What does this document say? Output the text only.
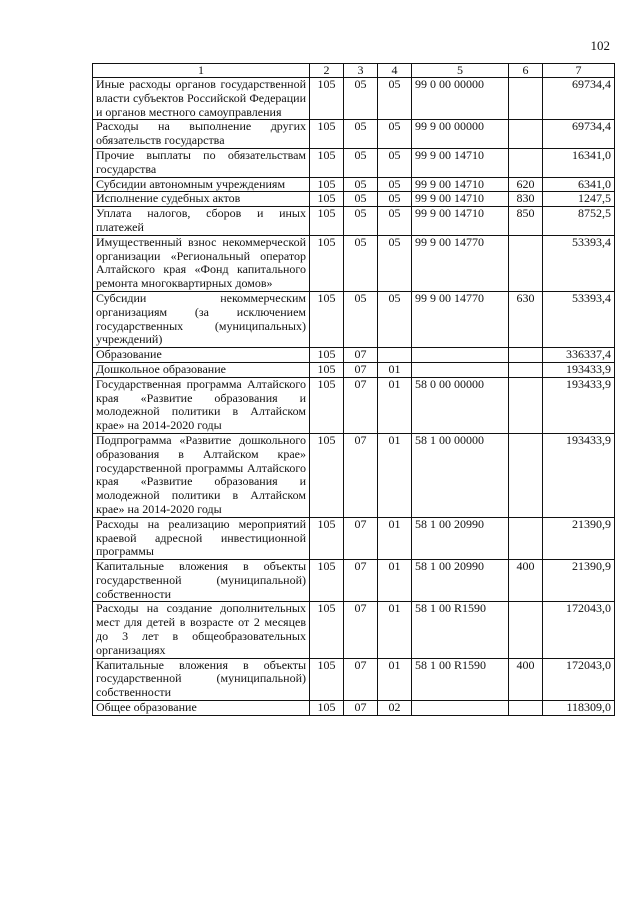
102
1	2	3	4	5	6	7
Иные расходы органов государственной власти субъектов Российской Федерации и органов местного самоуправления	105	05	05	99 0 00 00000		69734,4
Расходы на выполнение других обязательств государства	105	05	05	99 9 00 00000		69734,4
Прочие выплаты по обязательствам государства	105	05	05	99 9 00 14710		16341,0
Субсидии автономным учреждениям	105	05	05	99 9 00 14710	620	6341,0
Исполнение судебных актов	105	05	05	99 9 00 14710	830	1247,5
Уплата налогов, сборов и иных платежей	105	05	05	99 9 00 14710	850	8752,5
Имущественный взнос некоммерческой организации «Региональный оператор Алтайского края «Фонд капитального ремонта многоквартирных домов»	105	05	05	99 9 00 14770		53393,4
Субсидии некоммерческим организациям (за исключением государственных (муниципальных) учреждений)	105	05	05	99 9 00 14770	630	53393,4
Образование	105	07				336337,4
Дошкольное образование	105	07	01			193433,9
Государственная программа Алтайского края «Развитие образования и молодежной политики в Алтайском крае» на 2014-2020 годы	105	07	01	58 0 00 00000		193433,9
Подпрограмма «Развитие дошкольного образования в Алтайском крае» государственной программы Алтайского края «Развитие образования и молодежной политики в Алтайском крае» на 2014-2020 годы	105	07	01	58 1 00 00000		193433,9
Расходы на реализацию мероприятий краевой адресной инвестиционной программы	105	07	01	58 1 00 20990		21390,9
Капитальные вложения в объекты государственной (муниципальной) собственности	105	07	01	58 1 00 20990	400	21390,9
Расходы на создание дополнительных мест для детей в возрасте от 2 месяцев до 3 лет в общеобразовательных организациях	105	07	01	58 1 00 R1590		172043,0
Капитальные вложения в объекты государственной (муниципальной) собственности	105	07	01	58 1 00 R1590	400	172043,0
Общее образование	105	07	02			118309,0
